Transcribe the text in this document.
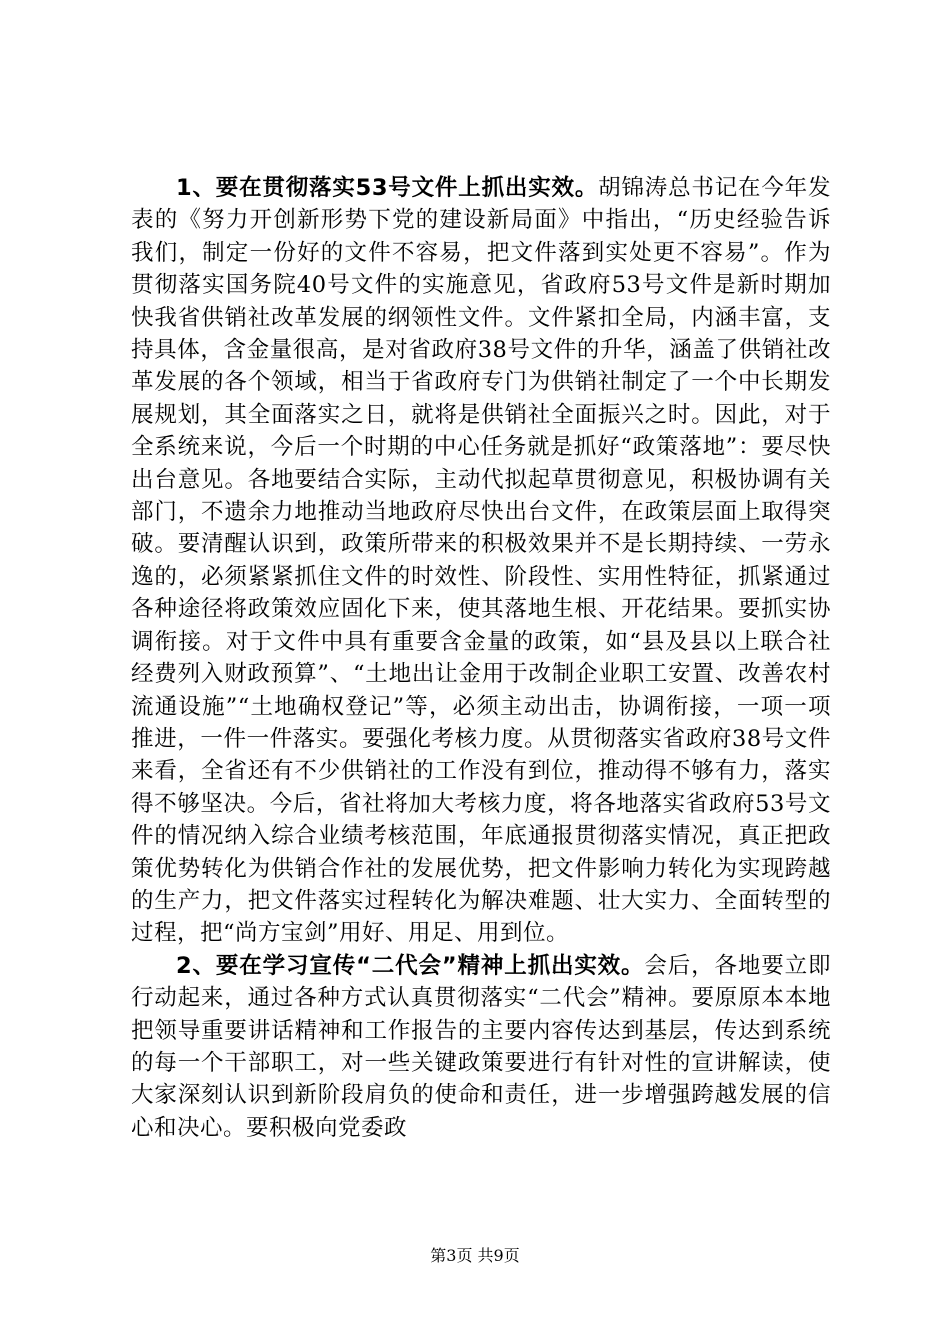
1、要在贯彻落实53号文件上抓出实效。胡锦涛总书记在今年发表的《努力开创新形势下党的建设新局面》中指出，“历史经验告诉我们，制定一份好的文件不容易，把文件落到实处更不容易”。作为贯彻落实国务院40号文件的实施意见，省政府53号文件是新时期加快我省供销社改革发展的纲领性文件。文件紧扣全局，内涵丰富，支持具体，含金量很高，是对省政府38号文件的升华，涵盖了供销社改革发展的各个领域，相当于省政府专门为供销社制定了一个中长期发展规划，其全面落实之日，就将是供销社全面振兴之时。因此，对于全系统来说，今后一个时期的中心任务就是抓好“政策落地”：要尽快出台意见。各地要结合实际，主动代拟起草贯彻意见，积极协调有关部门，不遗余力地推动当地政府尽快出台文件，在政策层面上取得突破。要清醒认识到，政策所带来的积极效果并不是长期持续、一劳永逸的，必须紧紧抓住文件的时效性、阶段性、实用性特征，抓紧通过各种途径将政策效应固化下来，使其落地生根、开花结果。要抓实协调衔接。对于文件中具有重要含金量的政策，如“县及县以上联合社经费列入财政预算”、“土地出让金用于改制企业职工安置、改善农村流通设施”“土地确权登记”等，必须主动出击，协调衔接，一项一项推进，一件一件落实。要强化考核力度。从贯彻落实省政府38号文件来看，全省还有不少供销社的工作没有到位，推动得不够有力，落实得不够坚决。今后，省社将加大考核力度，将各地落实省政府53号文件的情况纳入综合业绩考核范围，年底通报贯彻落实情况，真正把政策优势转化为供销合作社的发展优势，把文件影响力转化为实现跨越的生产力，把文件落实过程转化为解决难题、壮大实力、全面转型的过程，把“尚方宝剑”用好、用足、用到位。

2、要在学习宣传“二代会”精神上抓出实效。会后，各地要立即行动起来，通过各种方式认真贯彻落实“二代会”精神。要原原本本地把领导重要讲话精神和工作报告的主要内容传达到基层，传达到系统的每一个干部职工，对一些关键政策要进行有针对性的宣讲解读，使大家深刻认识到新阶段肩负的使命和责任，进一步增强跨越发展的信心和决心。要积极向党委政

第3页 共9页
